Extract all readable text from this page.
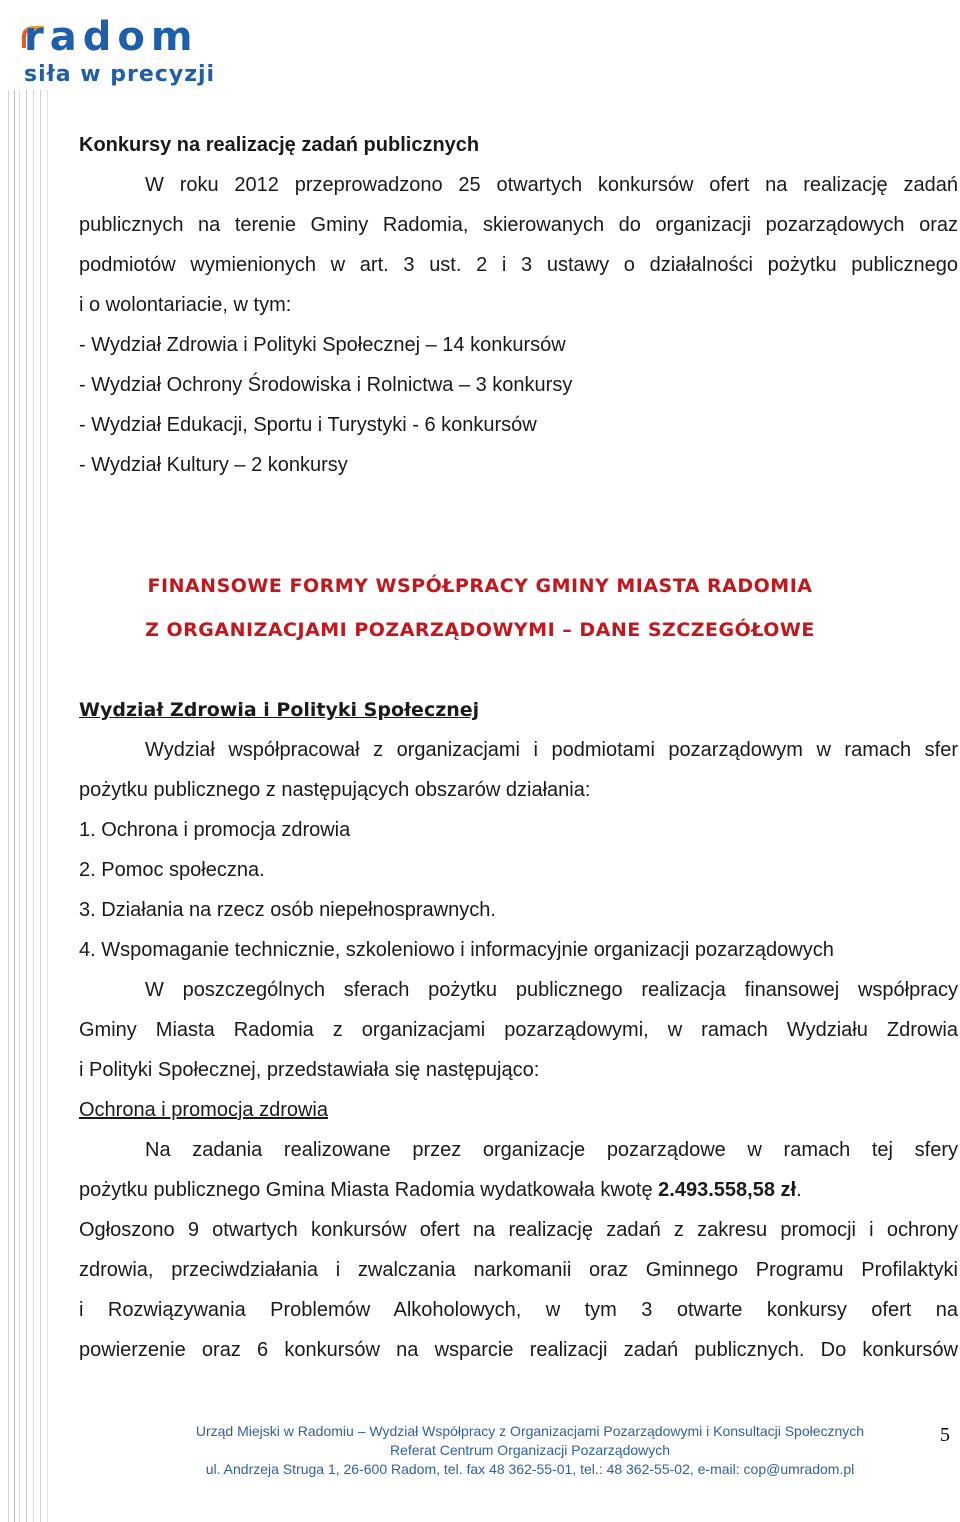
radom
siła w precyzji

Konkursy na realizację zadań publicznych

W roku 2012 przeprowadzono 25 otwartych konkursów ofert na realizację zadań

publicznych na terenie Gminy Radomia, skierowanych do organizacji pozarządowych oraz

podmiotów wymienionych w art. 3 ust. 2 i 3 ustawy o działalności pożytku publicznego

i o wolontariacie, w tym:

- Wydział Zdrowia i Polityki Społecznej – 14 konkursów

- Wydział Ochrony Środowiska i Rolnictwa – 3 konkursy

- Wydział Edukacji, Sportu i Turystyki - 6 konkursów

- Wydział Kultury – 2 konkursy

FINANSOWE FORMY WSPÓŁPRACY GMINY MIASTA RADOMIA
Z ORGANIZACJAMI POZARZĄDOWYMI – DANE SZCZEGÓŁOWE

Wydział Zdrowia i Polityki Społecznej

Wydział współpracował z organizacjami i podmiotami pozarządowym w ramach sfer

pożytku publicznego z następujących obszarów działania:

1. Ochrona i promocja zdrowia

2. Pomoc społeczna.

3. Działania na rzecz osób niepełnosprawnych.

4. Wspomaganie technicznie, szkoleniowo i informacyjnie organizacji pozarządowych

W poszczególnych sferach pożytku publicznego realizacja finansowej współpracy

Gminy Miasta Radomia z organizacjami pozarządowymi, w ramach Wydziału Zdrowia

i Polityki Społecznej, przedstawiała się następująco:

Ochrona i promocja zdrowia

Na zadania realizowane przez organizacje pozarządowe w ramach tej sfery

pożytku publicznego Gmina Miasta Radomia wydatkowała kwotę 2.493.558,58 zł.

Ogłoszono 9 otwartych konkursów ofert na realizację zadań z zakresu promocji i ochrony

zdrowia, przeciwdziałania i zwalczania narkomanii oraz Gminnego Programu Profilaktyki

i Rozwiązywania Problemów Alkoholowych, w tym 3 otwarte konkursy ofert na

powierzenie oraz 6 konkursów na wsparcie realizacji zadań publicznych. Do konkursów

Urząd Miejski w Radomiu – Wydział Współpracy z Organizacjami Pozarządowymi i Konsultacji Społecznych
Referat Centrum Organizacji Pozarządowych
ul. Andrzeja Struga 1, 26-600 Radom, tel. fax 48 362-55-01, tel.: 48 362-55-02, e-mail: cop@umradom.pl
5
